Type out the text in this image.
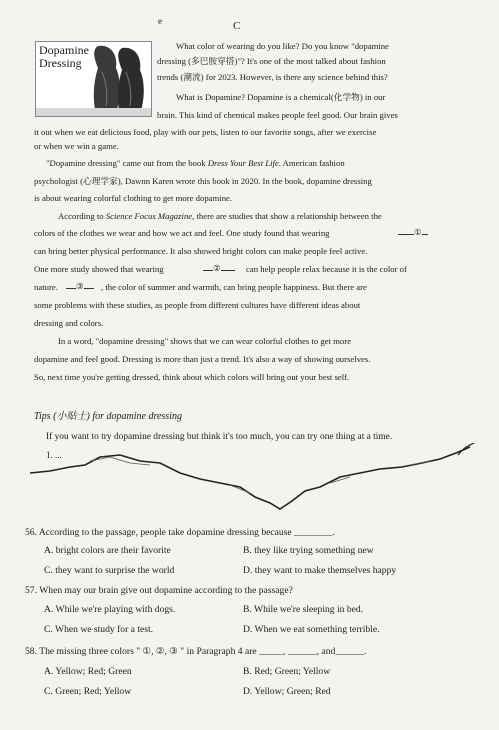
е	C
Dopamine Dressing
What color of wearing do you like? Do you know "dopamine
dressing (多巴胺穿搭)"? It's one of the most talked about fashion
trends (潮流) for 2023. However, is there any science behind this?
What is Dopamine? Dopamine is a chemical(化学物) in our
brain. This kind of chemical makes people feel good. Our brain gives
it out when we eat delicious food, play with our pets, listen to our favorite songs, after we exercise
or when we win a game.
"Dopamine dressing" came out from the book Dress Your Best Life. American fashion
psychologist (心理学家), Dawnn Karen wrote this book in 2020. In the book, dopamine dressing
is about wearing colorful clothing to get more dopamine.
According to Science Focus Magazine, there are studies that show a relationship between the
colors of the clothes we wear and how we act and feel. One study found that wearing	①
can bring better physical performance. It also showed bright colors can make people feel active.
One more study showed that wearing	②	can help people relax because it is the color of
nature.	③	, the color of summer and warmth, can bring people happiness. But there are
some problems with these studies, as people from different cultures have different ideas about
dressing and colors.
In a word, "dopamine dressing" shows that we can wear colorful clothes to get more
dopamine and feel good. Dressing is more than just a trend. It's also a way of showing ourselves.
So, next time you're getting dressed, think about which colors will bring out your best self.
Tips (小贴士) for dopamine dressing
If you want to try dopamine dressing but think it's too much, you can try one thing at a time.
1. ...
56. According to the passage, people take dopamine dressing because ________.
A. bright colors are their favorite	B. they like trying something new
C. they want to surprise the world	D. they want to make themselves happy
57. When may our brain give out dopamine according to the passage?
A. While we're playing with dogs.	B. While we're sleeping in bed.
C. When we study for a test.	D. When we eat something terrible.
58. The missing three colors " ①, ②, ③ " in Paragraph 4 are _____, ______, and______.
A. Yellow; Red; Green	B. Red; Green; Yellow
C. Green; Red; Yellow	D. Yellow; Green; Red
